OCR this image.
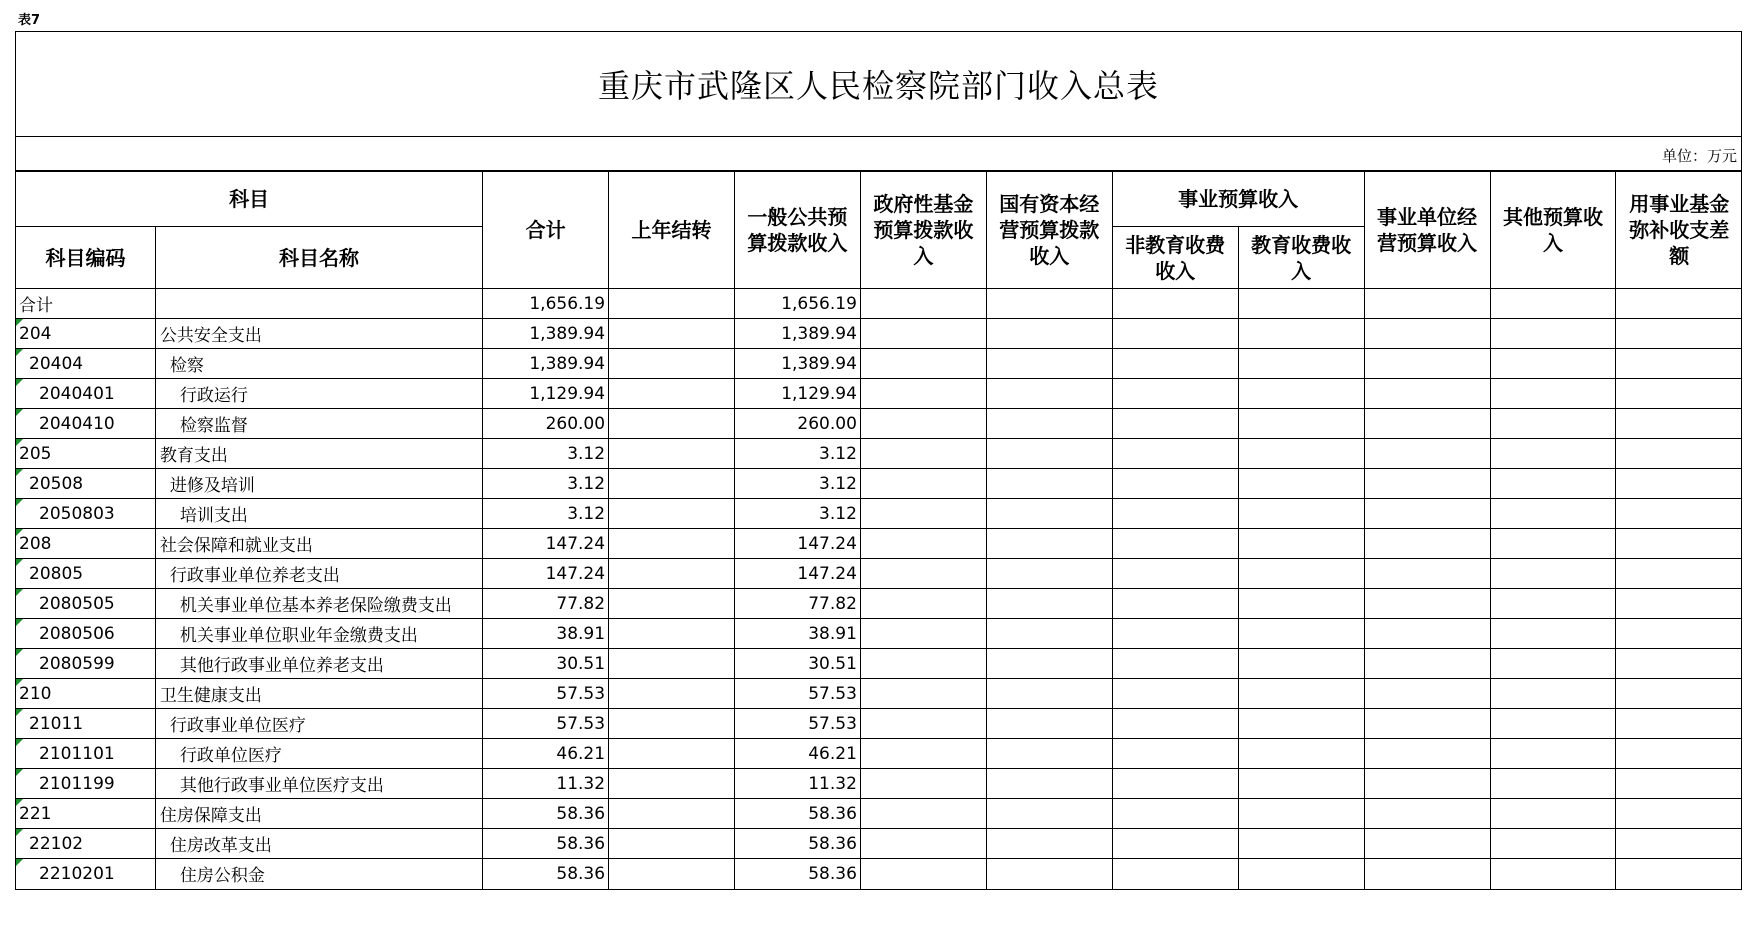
表7
重庆市武隆区人民检察院部门收入总表
单位：万元
科目		合计	上年结转	一般公共预算拨款收入	政府性基金预算拨款收入	国有资本经营预算拨款收入	事业预算收入		事业单位经营预算收入	其他预算收入	用事业基金弥补收支差额
科目编码	科目名称						非教育收费收入	教育收费收入			
合计		1,656.19		1,656.19							

204	公共安全支出	1,389.94		1,389.94							

20404	检察	1,389.94		1,389.94							

2040401	行政运行	1,129.94		1,129.94							

2040410	检察监督	260.00		260.00							

205	教育支出	3.12		3.12							

20508	进修及培训	3.12		3.12							

2050803	培训支出	3.12		3.12							

208	社会保障和就业支出	147.24		147.24							

20805	行政事业单位养老支出	147.24		147.24							

2080505	机关事业单位基本养老保险缴费支出	77.82		77.82							

2080506	机关事业单位职业年金缴费支出	38.91		38.91							

2080599	其他行政事业单位养老支出	30.51		30.51							

210	卫生健康支出	57.53		57.53							

21011	行政事业单位医疗	57.53		57.53							

2101101	行政单位医疗	46.21		46.21							

2101199	其他行政事业单位医疗支出	11.32		11.32							

221	住房保障支出	58.36		58.36							

22102	住房改革支出	58.36		58.36							

2210201	住房公积金	58.36		58.36							
